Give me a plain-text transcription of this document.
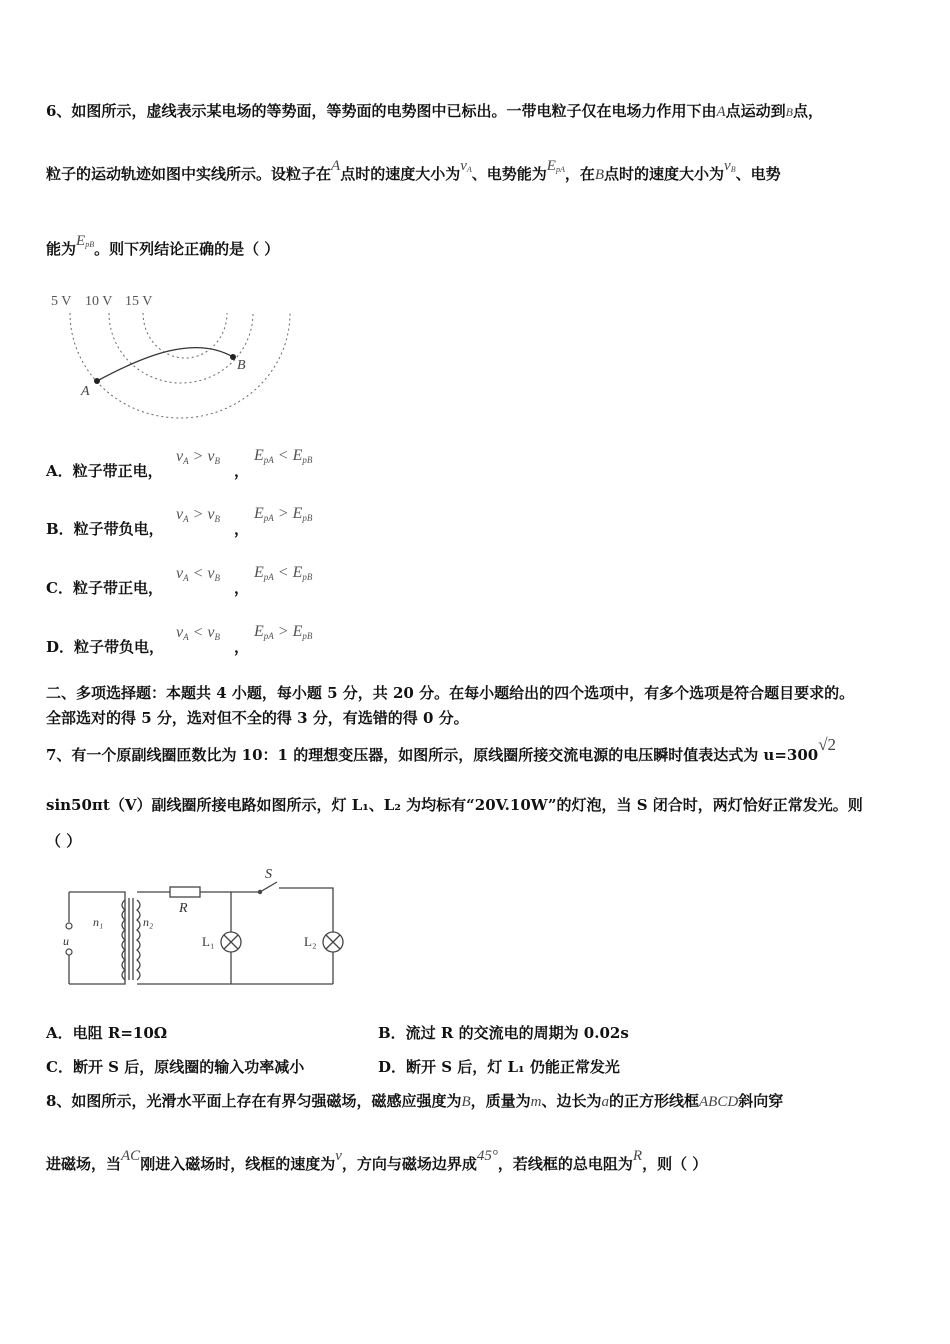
6、如图所示，虚线表示某电场的等势面，等势面的电势图中已标出。一带电粒子仅在电场力作用下由A点运动到B点，
粒子的运动轨迹如图中实线所示。设粒子在A点时的速度大小为$v_A$、电势能为$E_{pA}$，在B点时的速度大小为$v_B$、电势
能为$E_{pB}$。则下列结论正确的是（ ）
5 V 10 V 15 V
A
B
A．粒子带正电，
vA > vB
，
EpA < EpB
B．粒子带负电，
vA > vB
，
EpA > EpB
C．粒子带正电，
vA < vB
，
EpA < EpB
D．粒子带负电，
vA < vB
，
EpA > EpB
二、多项选择题：本题共 4 小题，每小题 5 分，共 20 分。在每小题给出的四个选项中，有多个选项是符合题目要求的。
全部选对的得 5 分，选对但不全的得 3 分，有选错的得 0 分。
7、有一个原副线圈匝数比为 10：1 的理想变压器，如图所示，原线圈所接交流电源的电压瞬时值表达式为 u=300√2
sin50πt（V）副线圈所接电路如图所示，灯 L₁、L₂ 为均标有“20V.10W”的灯泡，当 S 闭合时，两灯恰好正常发光。则
（ ）
n₁	n₂
u
R
S
L₁	L₂
A．电阻 R=10Ω	B．流过 R 的交流电的周期为 0.02s
C．断开 S 后，原线圈的输入功率减小	D．断开 S 后，灯 L₁ 仍能正常发光
8、如图所示，光滑水平面上存在有界匀强磁场，磁感应强度为B，质量为m、边长为a的正方形线框ABCD斜向穿
进磁场，当AC刚进入磁场时，线框的速度为v，方向与磁场边界成45°，若线框的总电阻为R，则（ ）
